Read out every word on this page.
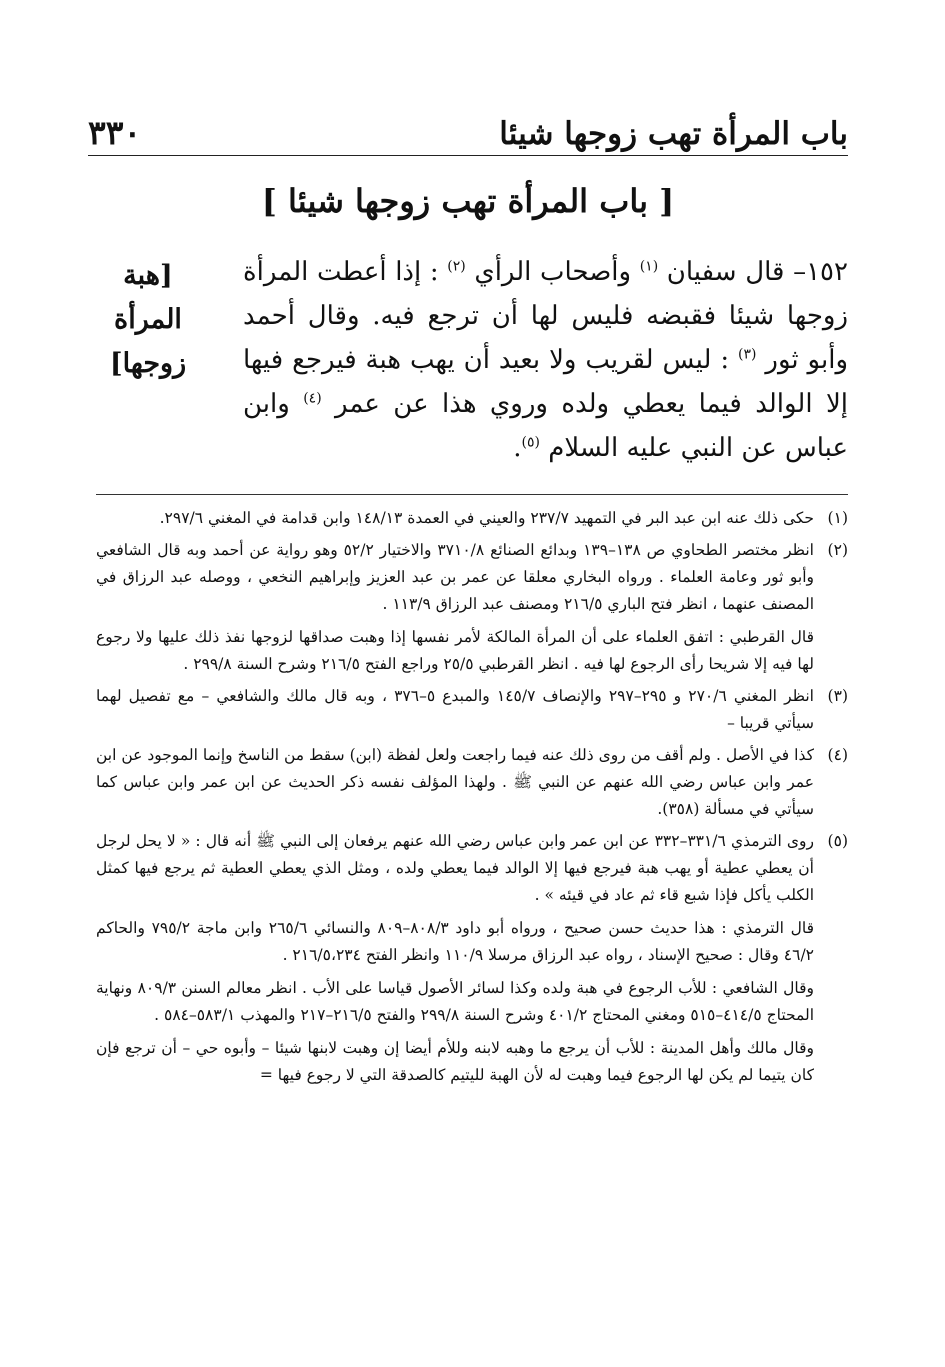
باب المرأة تهب زوجها شيئا
٣٣٠
[ باب المرأة تهب زوجها شيئا ]
١٥٢– قال سفيان $^{(١)}$ وأصحاب الرأي $^{(٢)}$ : إذا أعطت المرأة زوجها شيئا فقبضه فليس لها أن ترجع فيه. وقال أحمد وأبو ثور $^{(٣)}$ : ليس لقريب ولا بعيد أن يهب هبة فيرجع فيها إلا الوالد فيما يعطي ولده وروي هذا عن عمر $^{(٤)}$ وابن عباس عن النبي عليه السلام $^{(٥)}$.
[هبة المرأة
زوجها]
(١)

حكى ذلك عنه ابن عبد البر في التمهيد ٢٣٧/٧ والعيني في العمدة ١٤٨/١٣ وابن قدامة في المغني ٢٩٧/٦.

(٢)

انظر مختصر الطحاوي ص ١٣٨–١٣٩ وبدائع الصنائع ٣٧١٠/٨ والاختيار ٥٢/٢ وهو رواية عن أحمد وبه قال الشافعي وأبو ثور وعامة العلماء . ورواه البخاري معلقا عن عمر بن عبد العزيز وإبراهيم النخعي ، ووصله عبد الرزاق في المصنف عنهما ، انظر فتح الباري ٢١٦/٥ ومصنف عبد الرزاق ١١٣/٩ .

قال القرطبي : اتفق العلماء على أن المرأة المالكة لأمر نفسها إذا وهبت صداقها لزوجها نفذ ذلك عليها ولا رجوع لها فيه إلا شريحا رأى الرجوع لها فيه . انظر القرطبي ٢٥/٥ وراجع الفتح ٢١٦/٥ وشرح السنة ٢٩٩/٨ .

(٣)

انظر المغني ٢٧٠/٦ و ٢٩٥–٢٩٧ والإنصاف ١٤٥/٧ والمبدع ٥–٣٧٦ ، وبه قال مالك والشافعي – مع تفصيل لهما سيأتي قريبا –

(٤)

كذا في الأصل . ولم أقف من روى ذلك عنه فيما راجعت ولعل لفظة (ابن) سقط من الناسخ وإنما الموجود عن ابن عمر وابن عباس رضي الله عنهم عن النبي ﷺ . ولهذا المؤلف نفسه ذكر الحديث عن ابن عمر وابن عباس كما سيأتي في مسألة (٣٥٨).

(٥)

روى الترمذي ٣٣١/٦–٣٣٢ عن ابن عمر وابن عباس رضي الله عنهم يرفعان إلى النبي ﷺ أنه قال : « لا يحل لرجل أن يعطي عطية أو يهب هبة فيرجع فيها إلا الوالد فيما يعطي ولده ، ومثل الذي يعطي العطية ثم يرجع فيها كمثل الكلب يأكل فإذا شبع قاء ثم عاد في قيئه » .

قال الترمذي : هذا حديث حسن صحيح ، ورواه أبو داود ٨٠٨/٣–٨٠٩ والنسائي ٢٦٥/٦ وابن ماجة ٧٩٥/٢ والحاكم ٤٦/٢ وقال : صحيح الإسناد ، رواه عبد الرزاق مرسلا ١١٠/٩ وانظر الفتح ٢١٦/٥،٢٣٤ .

وقال الشافعي : للأب الرجوع في هبة ولده وكذا لسائر الأصول قياسا على الأب . انظر معالم السنن ٨٠٩/٣ ونهاية المحتاج ٤١٤/٥–٥١٥ ومغني المحتاج ٤٠١/٢ وشرح السنة ٢٩٩/٨ والفتح ٢١٦/٥–٢١٧ والمهذب ٥٨٣/١–٥٨٤ .

وقال مالك وأهل المدينة : للأب أن يرجع ما وهبه لابنه وللأم أيضا إن وهبت لابنها شيئا – وأبوه حي – أن ترجع فإن كان يتيما لم يكن لها الرجوع فيما وهبت له لأن الهبة لليتيم كالصدقة التي لا رجوع فيها =
